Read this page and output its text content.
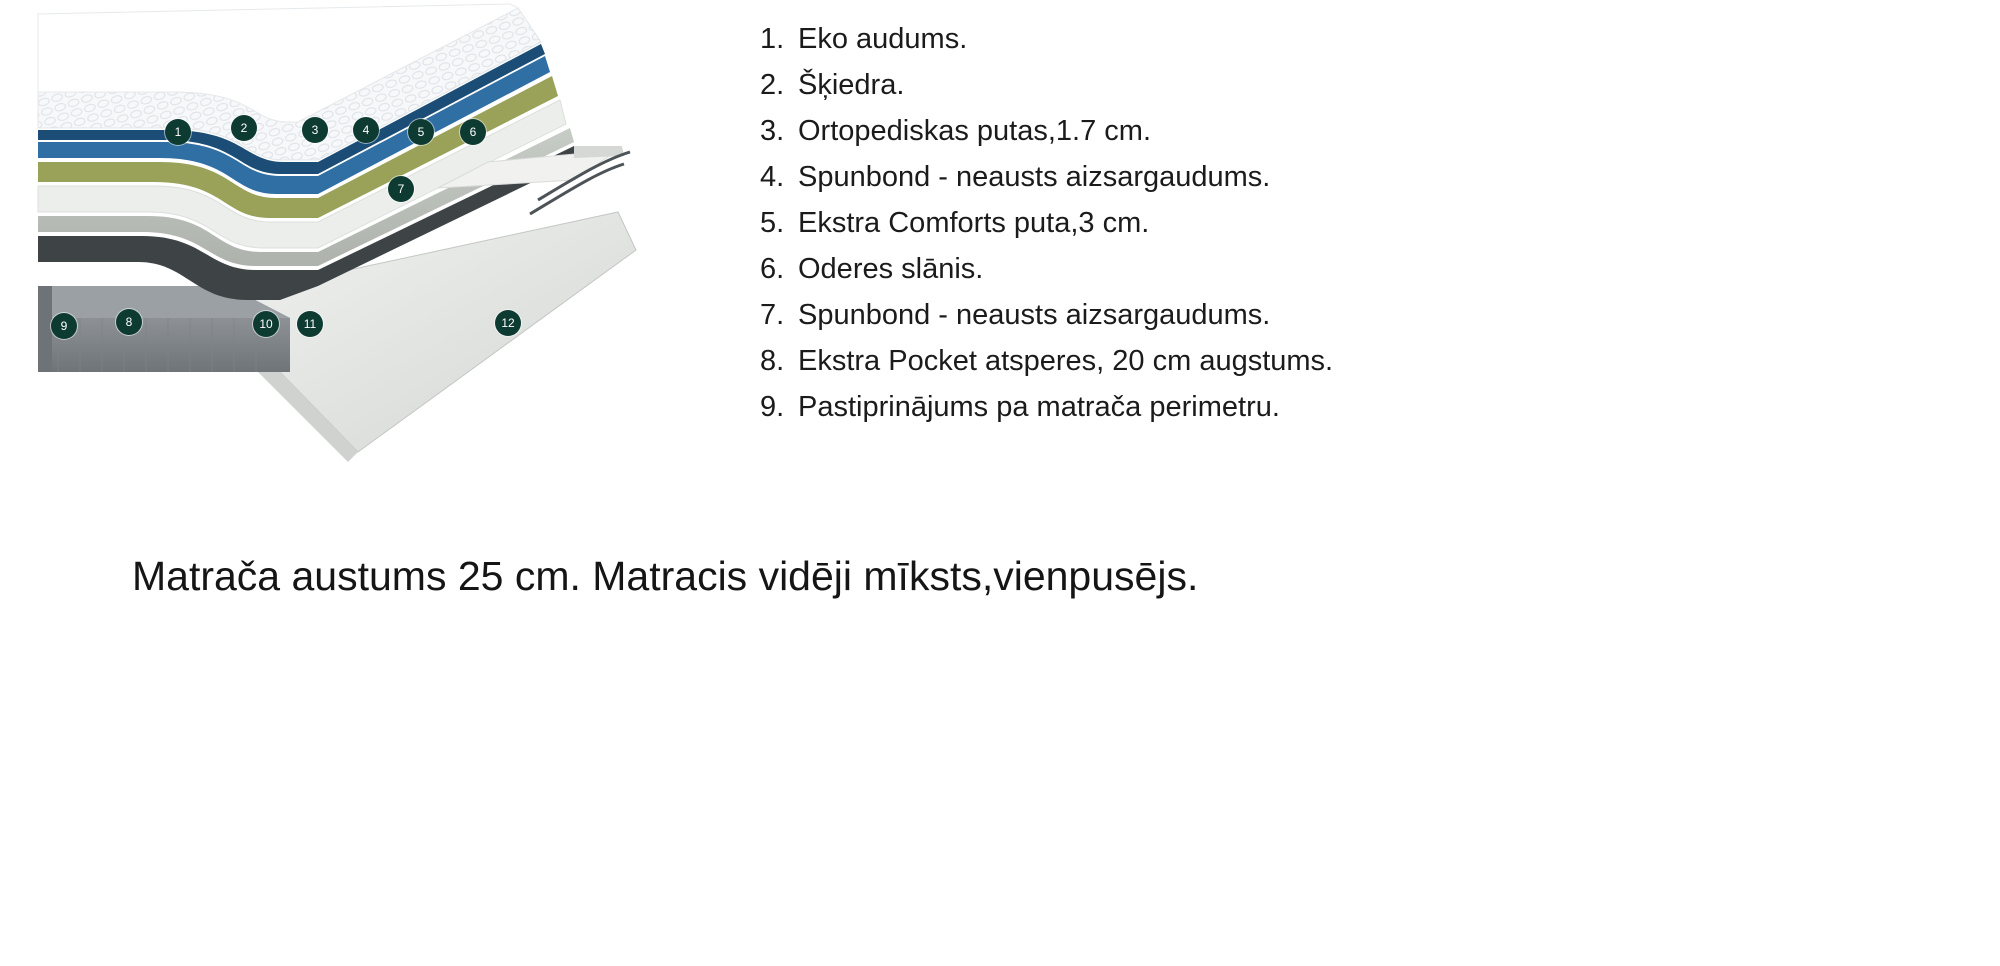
1	2	3	4	5	6
7
8
9	10	11	12
1. Eko audums.
2. Šķiedra.
3. Ortopediskas putas,1.7 cm.
4. Spunbond - neausts aizsargaudums.
5. Ekstra Comforts puta,3 cm.
6. Oderes slānis.
7. Spunbond - neausts aizsargaudums.
8. Ekstra Pocket atsperes, 20 cm augstums.
9. Pastiprinājums pa matrača perimetru.
Matrača austums 25 cm. Matracis vidēji mīksts,vienpusējs.
